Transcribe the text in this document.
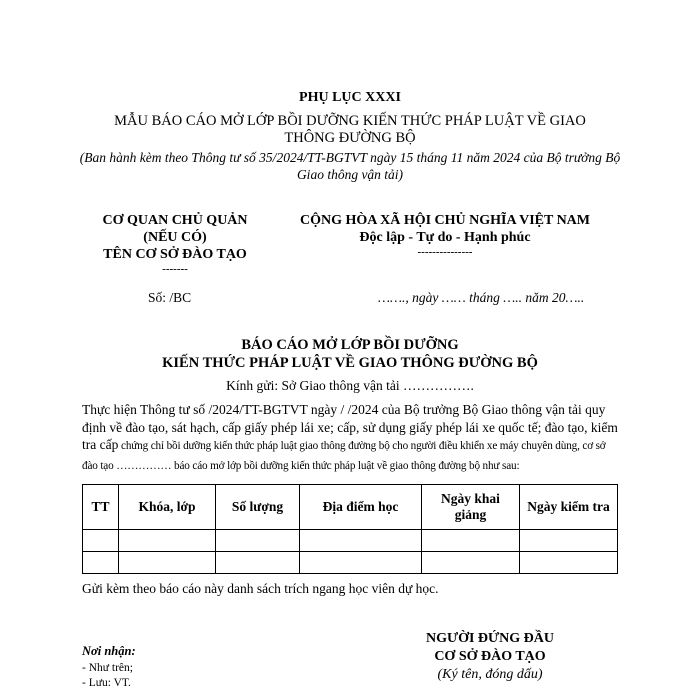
PHỤ LỤC XXXI
MẪU BÁO CÁO MỞ LỚP BỒI DƯỠNG KIẾN THỨC PHÁP LUẬT VỀ GIAO THÔNG ĐƯỜNG BỘ
(Ban hành kèm theo Thông tư số 35/2024/TT-BGTVT ngày 15 tháng 11 năm 2024 của Bộ trưởng Bộ Giao thông vận tải)
CƠ QUAN CHỦ QUẢN
(NẾU CÓ)
TÊN CƠ SỞ ĐÀO TẠO
-------
CỘNG HÒA XÃ HỘI CHỦ NGHĨA VIỆT NAM
Độc lập - Tự do - Hạnh phúc
---------------
Số: /BC	……., ngày …… tháng ….. năm 20…..
BÁO CÁO MỞ LỚP BỒI DƯỠNG
KIẾN THỨC PHÁP LUẬT VỀ GIAO THÔNG ĐƯỜNG BỘ
Kính gửi: Sở Giao thông vận tải …………….
Thực hiện Thông tư số /2024/TT-BGTVT ngày / /2024 của Bộ trưởng Bộ Giao thông vận tải quy định về đào tạo, sát hạch, cấp giấy phép lái xe; cấp, sử dụng giấy phép lái xe quốc tế; đào tạo, kiểm tra cấp chứng chỉ bồi dưỡng kiến thức pháp luật giao thông đường bộ cho người điều khiển xe máy chuyên dùng, cơ sở đào tạo …………… báo cáo mở lớp bồi dưỡng kiến thức pháp luật về giao thông đường bộ như sau:
TT	Khóa, lớp	Số lượng	Địa điểm học	Ngày khai giảng	Ngày kiểm tra

Gửi kèm theo báo cáo này danh sách trích ngang học viên dự học.
Nơi nhận:
- Như trên;
- Lưu: VT.
NGƯỜI ĐỨNG ĐẦU
CƠ SỞ ĐÀO TẠO
(Ký tên, đóng dấu)
